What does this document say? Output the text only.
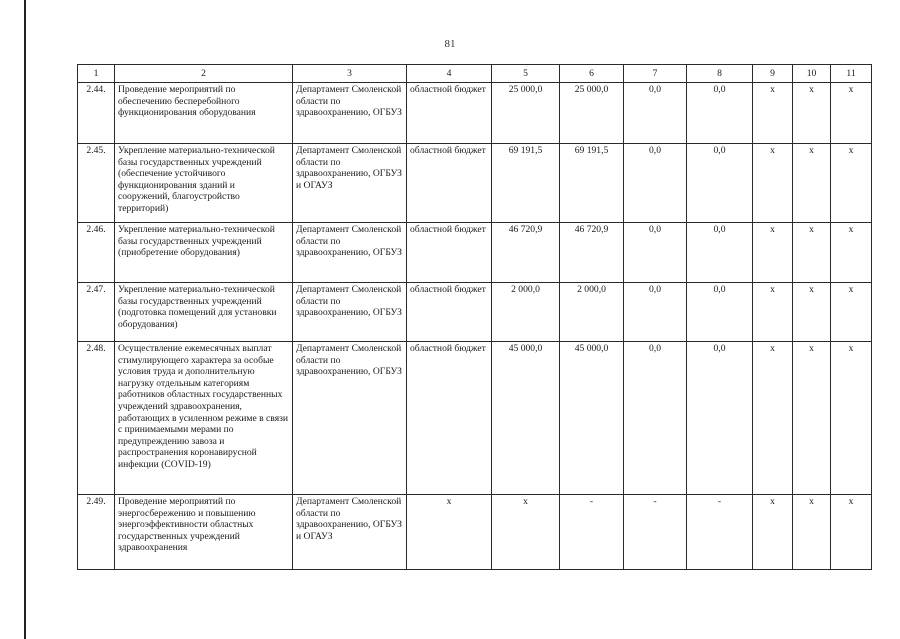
81
1	2	3	4	5	6	7	8	9	10	11
2.44.	Проведение мероприятий по обеспечению бесперебойного функционирования оборудования	Департамент Смоленской области по здравоохранению, ОГБУЗ	областной бюджет	25 000,0	25 000,0	0,0	0,0	х	х	х
2.45.	Укрепление материально-технической базы государственных учреждений (обеспечение устойчивого функционирования зданий и сооружений, благоустройство территорий)	Департамент Смоленской области по здравоохранению, ОГБУЗ и ОГАУЗ	областной бюджет	69 191,5	69 191,5	0,0	0,0	х	х	х
2.46.	Укрепление материально-технической базы государственных учреждений (приобретение оборудования)	Департамент Смоленской области по здравоохранению, ОГБУЗ	областной бюджет	46 720,9	46 720,9	0,0	0,0	х	х	х
2.47.	Укрепление материально-технической базы государственных учреждений (подготовка помещений для установки оборудования)	Департамент Смоленской области по здравоохранению, ОГБУЗ	областной бюджет	2 000,0	2 000,0	0,0	0,0	х	х	х
2.48.	Осуществление ежемесячных выплат стимулирующего характера за особые условия труда и дополнительную нагрузку отдельным категориям работников областных государственных учреждений здравоохранения, работающих в усиленном режиме в связи с принимаемыми мерами по предупреждению завоза и распространения коронавирусной инфекции (COVID-19)	Департамент Смоленской области по здравоохранению, ОГБУЗ	областной бюджет	45 000,0	45 000,0	0,0	0,0	х	х	х
2.49.	Проведение мероприятий по энергосбережению и повышению энергоэффективности областных государственных учреждений здравоохранения	Департамент Смоленской области по здравоохранению, ОГБУЗ и ОГАУЗ	х	х	-	-	-	х	х	х
